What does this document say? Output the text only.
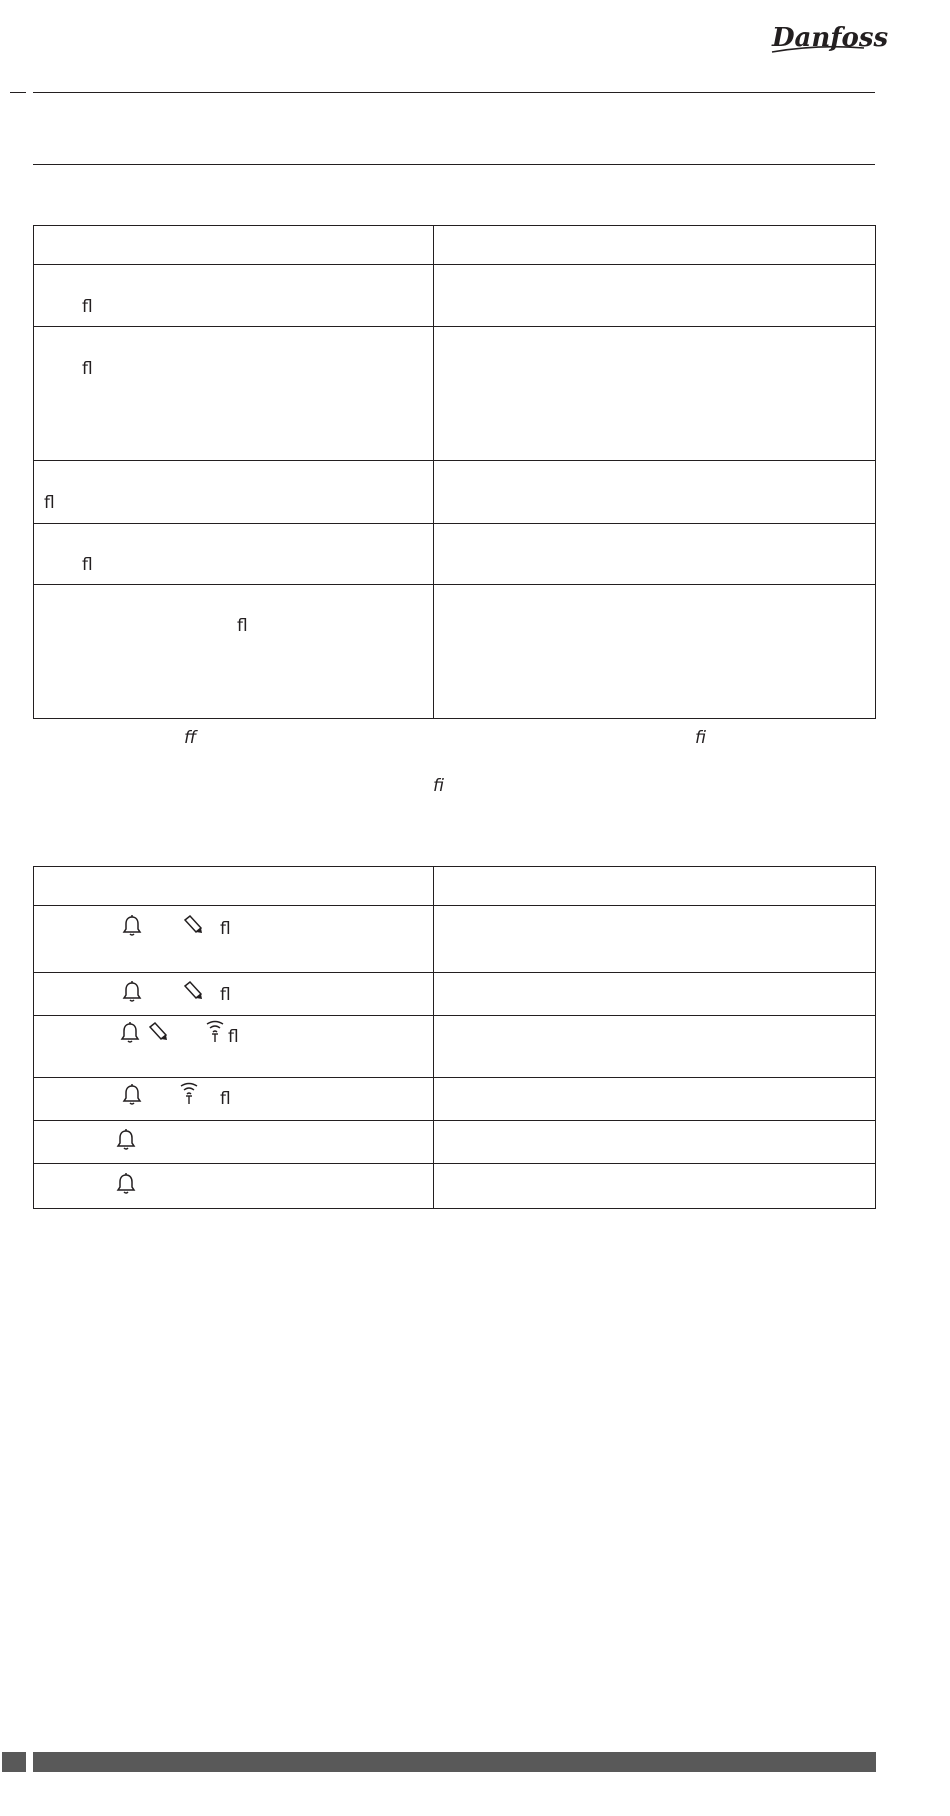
Danfoss
ﬂ
ﬂ
ﬂ
ﬂ
ﬂ
ﬀ	ﬁ
ﬁ
ﬂ
ﬂ
ﬂ
ﬂ
